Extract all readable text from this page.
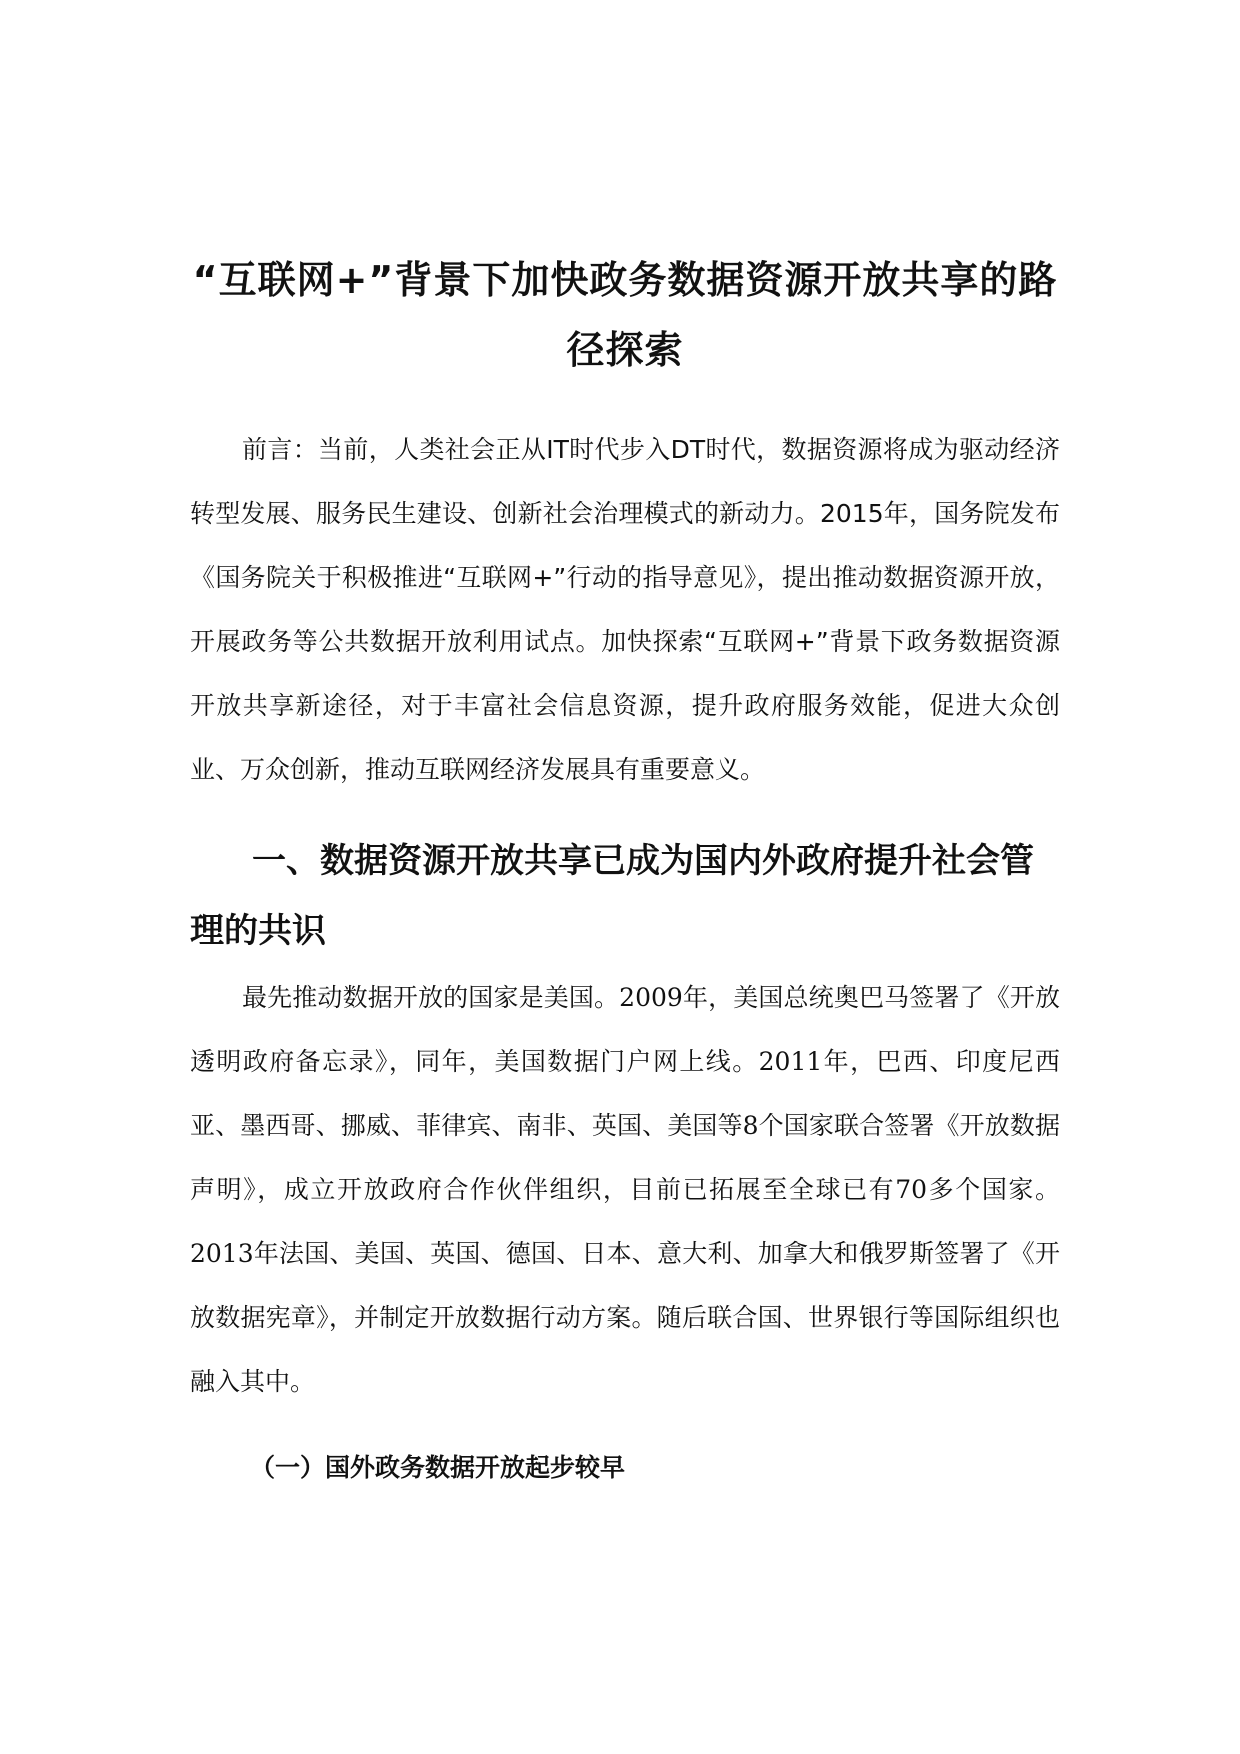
“互联网+”背景下加快政务数据资源开放共享的路径探索

前言：当前，人类社会正从IT时代步入DT时代，数据资源将成为驱动经济转型发展、服务民生建设、创新社会治理模式的新动力。2015年，国务院发布《国务院关于积极推进“互联网+”行动的指导意见》，提出推动数据资源开放，开展政务等公共数据开放利用试点。加快探索“互联网+”背景下政务数据资源开放共享新途径，对于丰富社会信息资源，提升政府服务效能，促进大众创业、万众创新，推动互联网经济发展具有重要意义。

一、数据资源开放共享已成为国内外政府提升社会管理的共识

最先推动数据开放的国家是美国。2009年，美国总统奥巴马签署了《开放透明政府备忘录》，同年，美国数据门户网上线。2011年，巴西、印度尼西亚、墨西哥、挪威、菲律宾、南非、英国、美国等8个国家联合签署《开放数据声明》，成立开放政府合作伙伴组织，目前已拓展至全球已有70多个国家。2013年法国、美国、英国、德国、日本、意大利、加拿大和俄罗斯签署了《开放数据宪章》，并制定开放数据行动方案。随后联合国、世界银行等国际组织也融入其中。

（一）国外政务数据开放起步较早
